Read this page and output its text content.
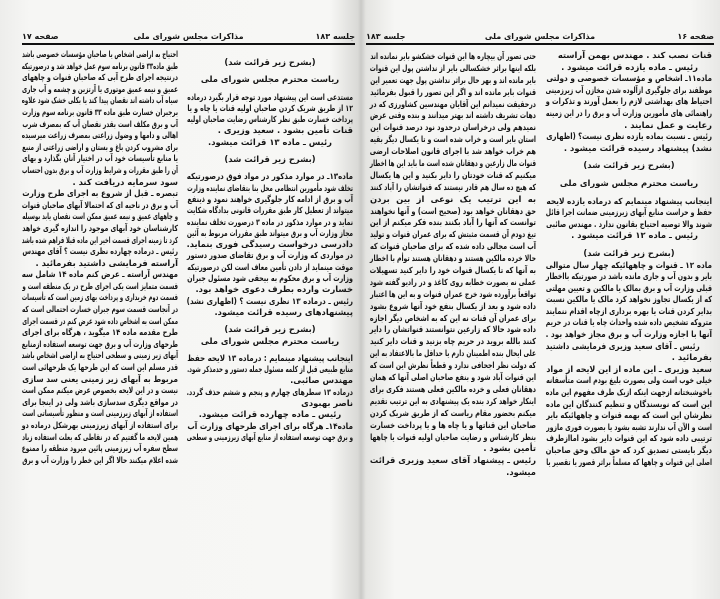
صفحه ۱۷	مذاکرات مجلس شورای ملی	جلسه ۱۸۳
احتیاج به اراضی اشخاص یا صاحبان مؤسسات خصوصی باشد
طبق ماده۳۳ قانون برنامه سوم عمل خواهد شد و درصورتیکه
درنتیجه اجرای طرح آبی که صاحبان قنوات و چاههای
عمیق و نیمه عمیق موتوری یا آرتزین و چشمه و آب جاری
سیاه آب داشته اند نقصان پیدا کند یا بکلی خشک شود علاوه
برجبران خسارت طبق ماده ۳۳ قانون برنامه سوم وزارت
آب و برق مکلف است بقدر نقصان آب که بمصرف شرب
اهالی و دامها و وضول زراعتی بمصرف زراعت میرسیده
برای مشروب کردن باغ و بستان و اراضی زراعتی از منبع
یا منابع تأسیسات خود آب در اختیار آنان بگذارد و بهای
آن را طبق مقررات و شرایط وزارت آب و برق بدون احتساب
سود سرمایه دریافت کند .
تبصره ـ قبل از شروع به اجرای طرح وزارت
آب و برق در ناحیه ای که احتمالا آبهای صاحبان قنوات
و چاههای عمیق و نیمه عمیق ممکن است نقصان یابد بوسیله
کارشناسان خود آبهای موجود را اندازه گیری خواهد
کرد تا زمینه اجرای قسمت اخیر این ماده قبلا فراهم شده باشد
رئیس ـ درماده چهارده نظری نیست ؟ آقای مهندس
آراسته فرمایشی داشتید بفرمائید .
مهندس آراسته ـ عرض کنم ماده ۱۴ شامل سه
قسمت متمایز است یکی اجرای طرح در یک منطقه است و
قسمت دوم خریداری و پرداخت بهای زمین است که تأسیسات
در آنجاست قسمت سوم جبران خسارت احتمالی است که
ممکن است به اشخاص داده شود عرض کنم در قسمت اجرای
طرح مقدمه ماده ۱۴ میگوید ، هرگاه برای اجرای
طرحهای وزارت آب و برق جهت توسعه استفاده ازمنابع
آبهای زیر زمینی و سطحی احتیاج به اراضی اشخاص باشد
قدر مسلم این است که این طرحها یک طرحهائی است
مربوط به آبهای زیر زمینی یعنی سد سازی
نیست و در این لایحه بخصوص عرض میکنم ممکن است
در مواقع دیگری سدسازی باشد ولی در اینجا برای
استفاده از آبهای زیرزمینی است و منظور تأسیساتی است
برای استفاده از آبهای زیرزمینی بهرشکل درماده دو
همین لایحه ما گفتیم که در نقاطی که بعلت استفاده زیاد
سطح سفره آب زیرزمینی پائین میرود منطقه را ممنوع
شده اعلام میکنند حالا اگر این خطر را وزارت آب و برق
(بشرح زیر قرائت شد)
ریاست محترم مجلس شورای ملی
مستدعی است این پیشنهاد مورد توجه قرار بگیرد درماده
۱۲ از طریق شریک کردن صاحبان اولیه قنات یا چاه و یا
پرداخت خسارت طبق نظر کارشناس رضایت صاحبان اولیه
قنات تأمین بشود . سعید وزیری .
رئیس ـ ماده ۱۳ قرائت میشود.
(بشرح زیر قرائت شد)
ماده۱۳ـ در موارد مذکور در مواد فوق درصورتیکه
تخلف شود مأمورین انتظامی محل بنا بتقاضای نماینده وزارت
آب و برق از ادامه کار جلوگیری خواهند نمود و ذینفع
میتواند از تعطیل کار طبق مقررات قانونی بدادگاه شکایت
نماید و در موارد مذکور در ماده ۳ درصورت تخلف نماینده
مجاز وزارت آب و برق میتواند طبق مقررات مربوط به آئین
دادرسی درخواست رسیدگی فوری بنماید.
در مواردی که وزارت آب و برق تقاضای صدور دستور
موقت مینماید از دادن تأمین معاف است لکن درصورتیکه
وزارت آب و برق محکوم به بیحقی شود مسئول جبران
خسارت وارده بطرف دعوی خواهد بود.
رئیس ـ درماده ۱۳ نظری نیست ؟ (اظهاری نشد)
پیشنهادهای رسیده قرائت میشود.
(بشرح زیر قرائت شد)
ریاست محترم مجلس شورای ملی
اینجانب پیشنهاد مینمایم : درماده ۱۳ لایحه حفظ
منابع طبیعی قبل از کلمه مسئول جمله دستور و حدمذکر شود.
مهندس صائبی.
درماده ۱۳ سطرهای چهارم و پنجم و ششم حذف گردد.
ناصر بهبودی
رئیس ـ ماده چهارده قرائت میشود.
ماده۱۴ـ هرگاه برای اجرای طرحهای وزارت آب
و برق جهت توسعه استفاده از منابع آبهای زیرزمینی و سطحی
جلسه ۱۸۳	مذاکرات مجلس شورای ملی	صفحه ۱۶
حتی تصور آن بیچاره ها این قنوات خشکشو بایر نمانده اند
بلکه اینها براثر خشکسالی بایر از نداشتن پول این قنوات
بایر مانده اند و بهر حال براثر نداشتن پول جهت تعمیر این
قنوات بایر مانده اند و اگر این تصور را قبول بفرمائید
درحقیقت نمیدانم این آقایان مهندسین کشاورزی که در
دهات تشریف داشته اند بهتر میدانند و بنده وقتی عرض
نمیدهم ولی درخراسان درحدود نود درصد قنوات این
استان بایر است و خراب شده است و تا یکسال دیگر بقیه
هم خراب خواهد شد با اجرای قانون اصلاحات ارضی
قنوات مال زارعین و دهقانان شده است ما باید این ها اخطار
میکنیم که قنات خودتان را دایر بکنید و این ها یکسال
که هیچ ده سال هم قادر نیستند که قنواتشان را آباد کنند
به این ترتیب یک نوعی از بین بردن
حق دهقانان خواهد بود (صحیح است) و آنها نخواهند
توانست که آنها را آباد بکنند بنده فکر میکنم از این
تیغ دودم آن قسمت مثبتش که برای عمران قنوات و تولید
آب است مجالی داده شده که برای صاحبان قنوات که
حالا خرده مالکین هستند و دهقانان هستند توأم با اخطار
به آنها که تا یکسال قنوات خود را دایر کنید تسهیلات
عملی نه بصورت خطابه روی کاغذ و در رادیو گفته شود
تواقعاً برآورده شود خرج عمران قنوات و به این ها اعتبار
داده شود و بعد از یکسال بنفع خود آنها شروع بشود
برای عمران آن قنات نه این که به اشخاص دیگر اجازه
داده شود حالا که زارعین نتوانستند قنواتشان را دایر
کنند بالله بروید در حریم چاه بزنید و قنات دایر کنید
علی ایحال بنده اطمینان دارم یا حداقل ما بالاعتقاد به این
که دولت نظر اجحافی ندارد و قطعاً نظرش این است که
این قنوات آباد شود و بنفع صاحبان اصلی آنها که همان
دهقانان فعلی و خرده مالکین فعلی هستند فکری برای
اینکار خواهد کرد بنده یک پیشنهادی به این ترتیب تقدیم
میکنم بحضور مقام ریاست که از طریق شریک کردن
صاحبان این قناتها و یا چاه ها و یا پرداخت خسارت
بنظر کارشناس و رضایت صاحبان اولیه قنوات یا چاهها
تأمین بشود .
رئیس ـ پیشنهاد آقای سعید وزیری قرائت
میشود.
قنات نصب کند . مهندس بهمن آراسته
رئیس ـ ماده یازده قرائت میشود .
ماده۱۱ـ اشخاص و مؤسسات خصوصی و دولتی
موظفند برای جلوگیری ازآلوده شدن مخازن آب زیرزمینی
احتیاط های بهداشتی لازم را بعمل آورند و تذکرات و
راهنمائی های مأمورین وزارت آب و برق را در این زمینه
رعایت و عمل نمایند .
رئیس ـ نسبت بماده یازده نظری نیست؟ (اظهاری
نشد) پیشنهاد رسیده قرائت میشود .
(بشرح زیر قرائت شد)
ریاست محترم مجلس شورای ملی
اینجانب پیشنهاد مینمایم که درماده یازده لایحه
حفظ و حراست منابع آبهای زیرزمینی ضمانت اجرا قائل
شوند والا توصیه احتیاج بقانون ندارد . مهندس صائبی
رئیس ـ ماده ۱۲ قرائت میشود .
(بشرح زیر قرائت شد)
ماده ۱۲ ـ قنوات و چاههائیکه چهار سال متوالی
بایر و بدون آب و جاری مانده باشد در صورتیکه بااخطار
قبلی وزارت آب و برق بمالک یا مالکین و تعیین مهلتی
که از یکسال تجاوز نخواهد کرد مالک یا مالکین نسبت
بدایر کردن قنات یا بهره برداری ازچاه اقدام ننمایند
متروکه تشخیص داده شده واحداث چاه یا قنات در حریم
آنها با اجازه وزارت آب و برق مجاز خواهد بود .
رئیس ـ آقای سعید وزیری فرمایشی داشتید
بفرمائید .
سعید وزیری ـ این ماده از این لایحه از مواد
خیلی خوب است ولی بصورت بلیغ بودم است متأسفانه
باخوشبختانه ازجهت اینکه ازیک طرف مفهوم این ماده
این است که نویسندگان و تنظیم کنندگان این ماده
نظرشان این است که بهمه قنوات و چاههائیکه بایر
است و الآن آب ندارند تشبه بشود یا بصورت فوری مازور
ترتیبی داده شود که این قنوات دایر بشود اماازطرف
دیگر بایستی تصدیق کرد که حق مالک وحق صاحبان
اصلی این قنوات و چاهها که مسلماً براثر قصور یا تقصیر یا
